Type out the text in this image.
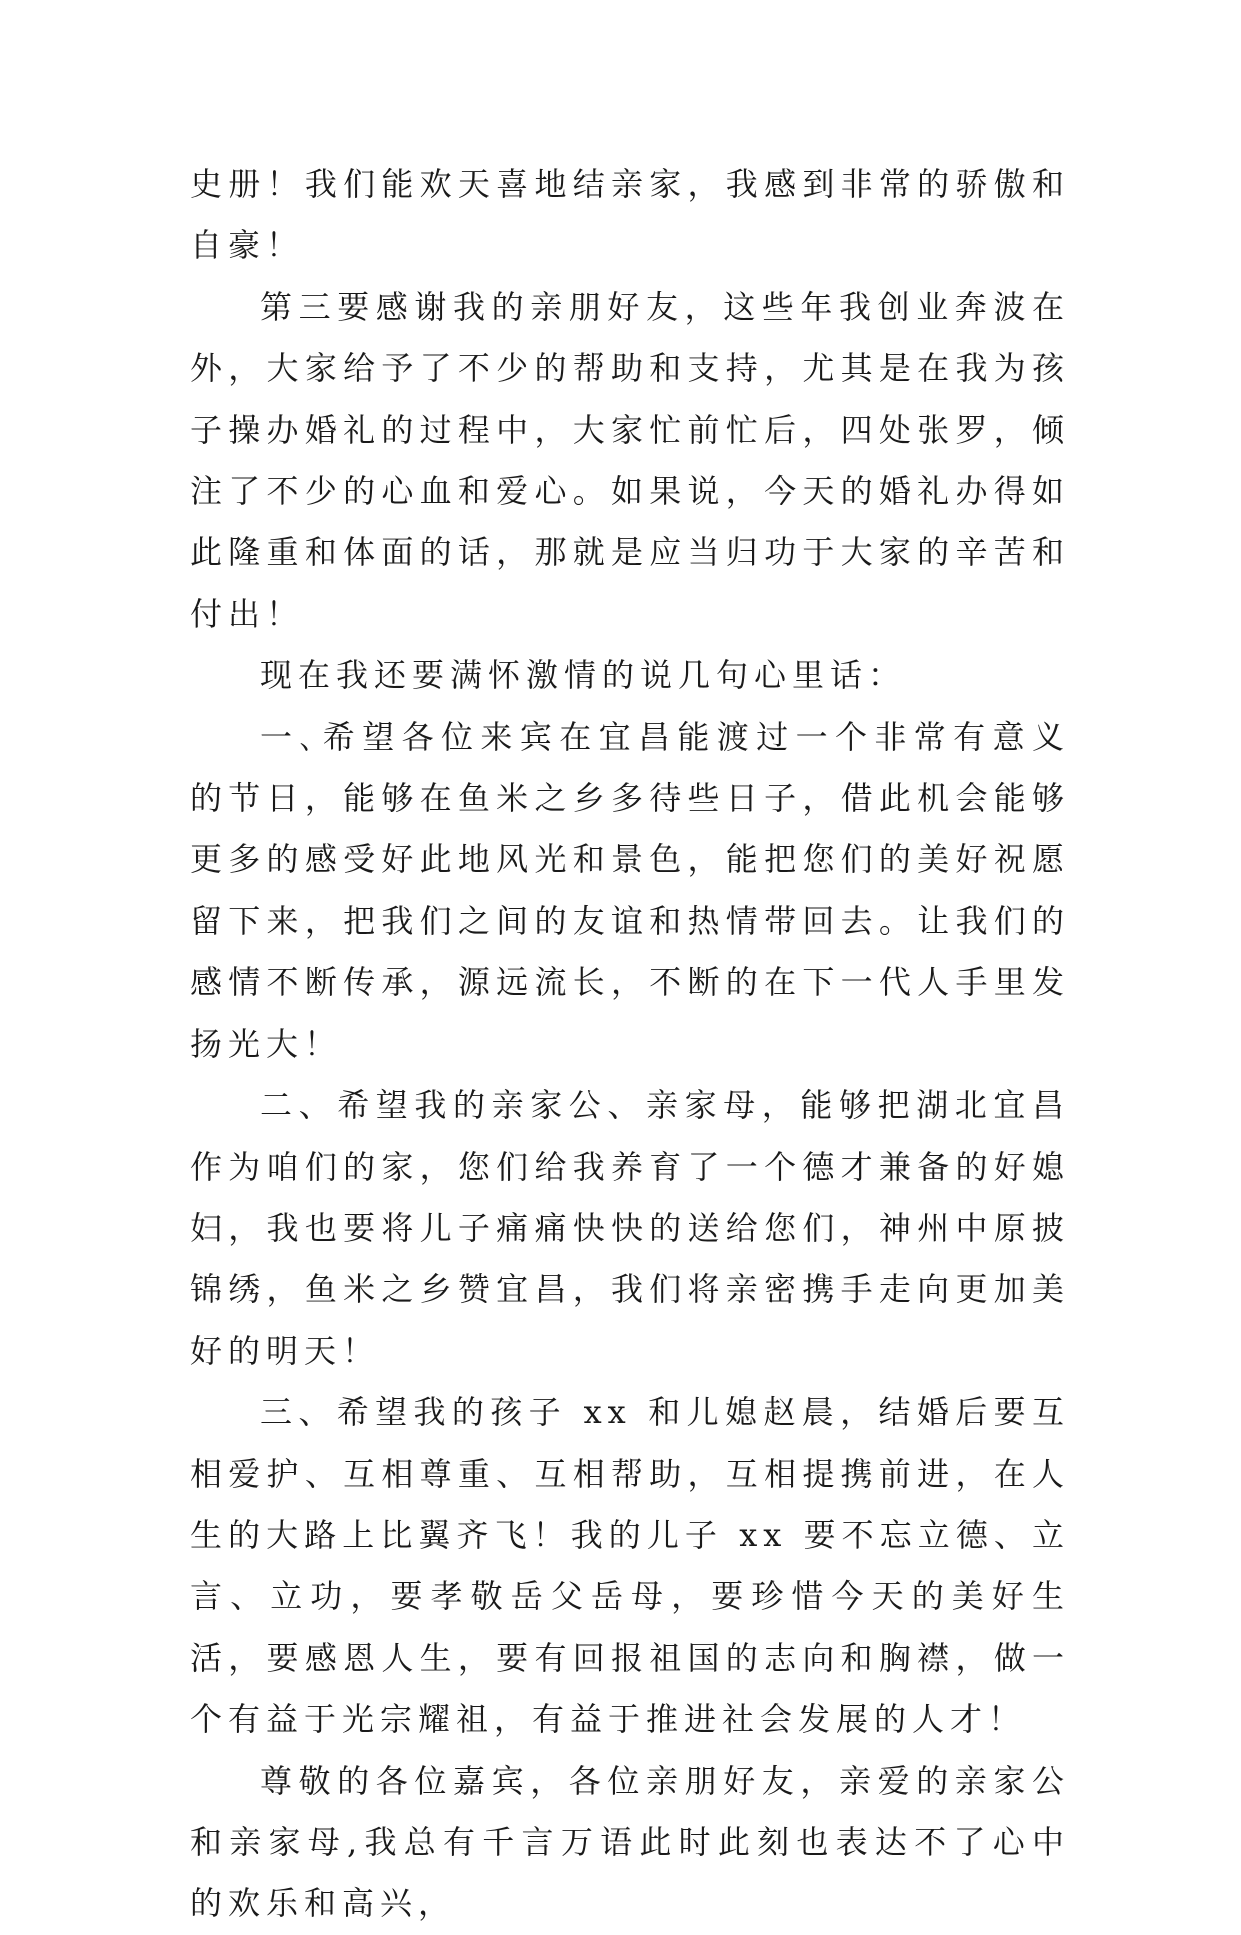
史册！我们能欢天喜地结亲家，我感到非常的骄傲和自豪！

第三要感谢我的亲朋好友，这些年我创业奔波在外，大家给予了不少的帮助和支持，尤其是在我为孩子操办婚礼的过程中，大家忙前忙后，四处张罗，倾注了不少的心血和爱心。如果说，今天的婚礼办得如此隆重和体面的话，那就是应当归功于大家的辛苦和付出！

现在我还要满怀激情的说几句心里话：

一､希望各位来宾在宜昌能渡过一个非常有意义的节日，能够在鱼米之乡多待些日子，借此机会能够更多的感受好此地风光和景色，能把您们的美好祝愿留下来，把我们之间的友谊和热情带回去。让我们的感情不断传承，源远流长，不断的在下一代人手里发扬光大！

二、希望我的亲家公、亲家母，能够把湖北宜昌作为咱们的家，您们给我养育了一个德才兼备的好媳妇，我也要将儿子痛痛快快的送给您们，神州中原披锦绣，鱼米之乡赞宜昌，我们将亲密携手走向更加美好的明天！

三、希望我的孩子 xx 和儿媳赵晨，结婚后要互相爱护、互相尊重、互相帮助，互相提携前进，在人生的大路上比翼齐飞！我的儿子 xx 要不忘立德、立言、立功，要孝敬岳父岳母，要珍惜今天的美好生活，要感恩人生，要有回报祖国的志向和胸襟，做一个有益于光宗耀祖，有益于推进社会发展的人才！

尊敬的各位嘉宾，各位亲朋好友，亲爱的亲家公和亲家母,我总有千言万语此时此刻也表达不了心中的欢乐和高兴，
